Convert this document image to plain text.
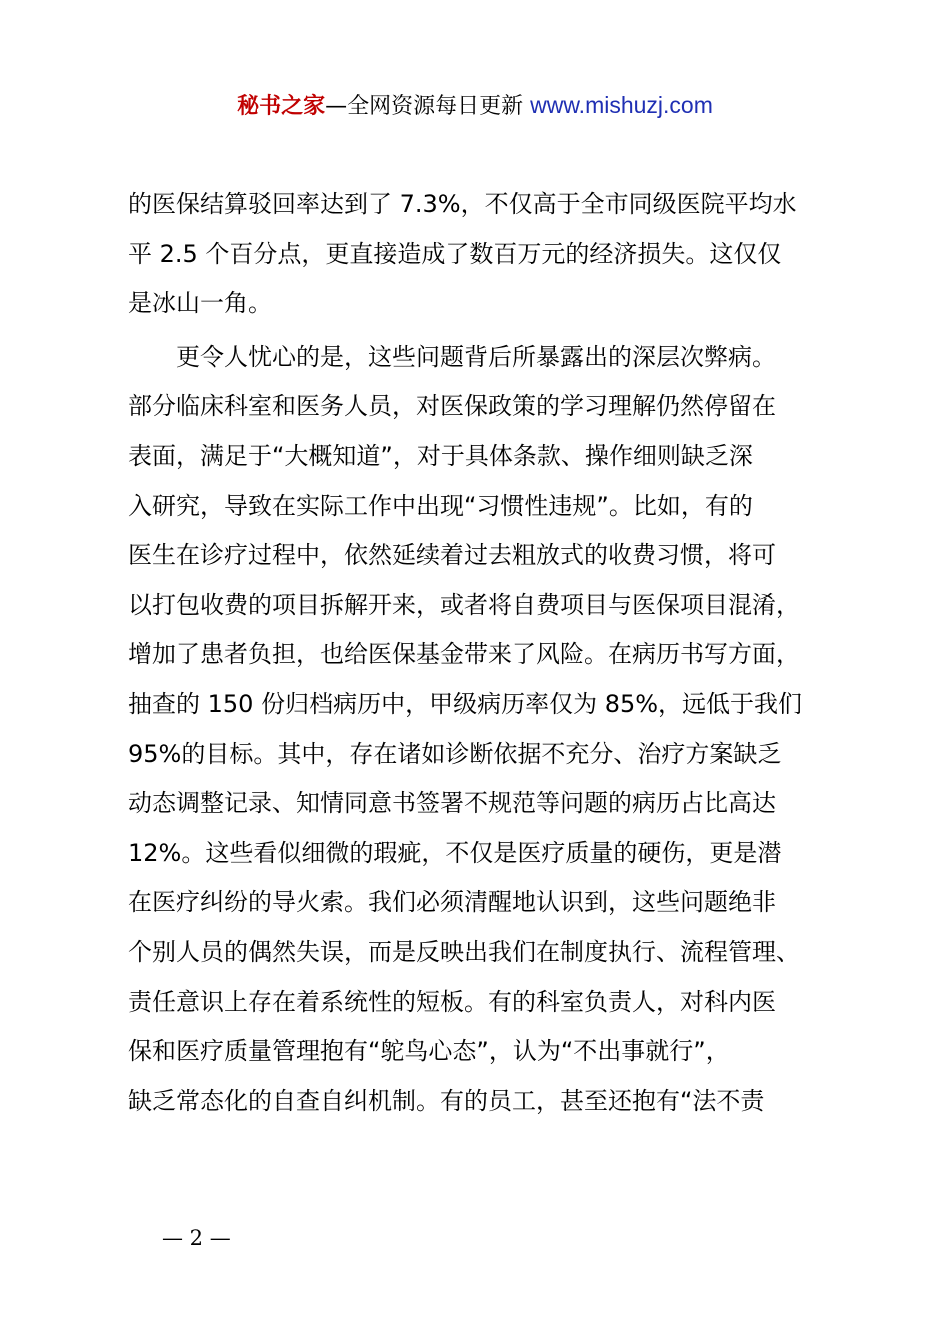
秘书之家—全网资源每日更新 www.mishuzj.com
的医保结算驳回率达到了 7.3%，不仅高于全市同级医院平均水
平 2.5 个百分点，更直接造成了数百万元的经济损失。这仅仅
是冰山一角。
更令人忧心的是，这些问题背后所暴露出的深层次弊病。
部分临床科室和医务人员，对医保政策的学习理解仍然停留在
表面，满足于“大概知道”，对于具体条款、操作细则缺乏深
入研究，导致在实际工作中出现“习惯性违规”。比如，有的
医生在诊疗过程中，依然延续着过去粗放式的收费习惯，将可
以打包收费的项目拆解开来，或者将自费项目与医保项目混淆，
增加了患者负担，也给医保基金带来了风险。在病历书写方面，
抽查的 150 份归档病历中，甲级病历率仅为 85%，远低于我们
95%的目标。其中，存在诸如诊断依据不充分、治疗方案缺乏
动态调整记录、知情同意书签署不规范等问题的病历占比高达
12%。这些看似细微的瑕疵，不仅是医疗质量的硬伤，更是潜
在医疗纠纷的导火索。我们必须清醒地认识到，这些问题绝非
个别人员的偶然失误，而是反映出我们在制度执行、流程管理、
责任意识上存在着系统性的短板。有的科室负责人，对科内医
保和医疗质量管理抱有“鸵鸟心态”，认为“不出事就行”，
缺乏常态化的自查自纠机制。有的员工，甚至还抱有“法不责
— 2 —
